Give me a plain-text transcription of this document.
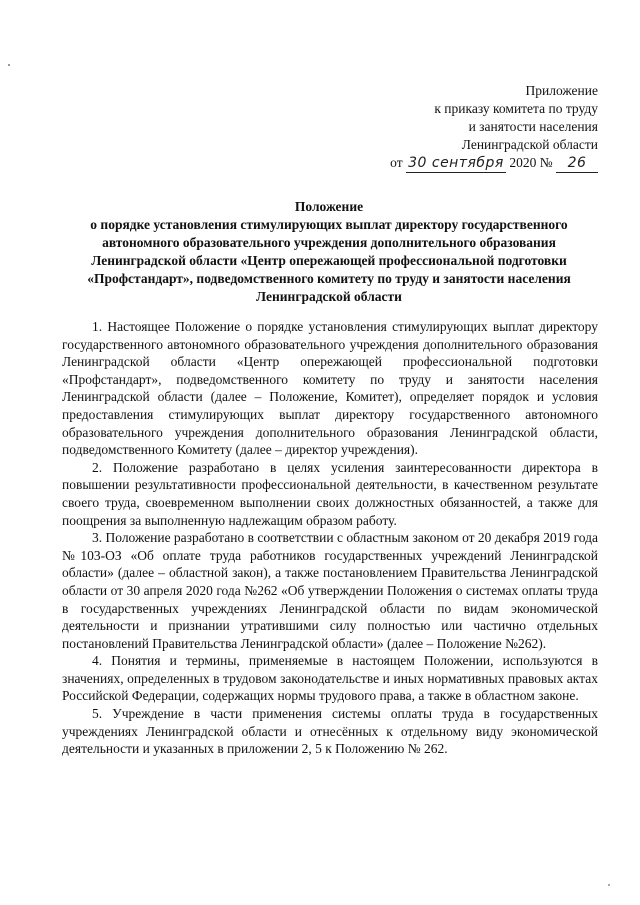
Приложение
к приказу комитета по труду
и занятости населения
Ленинградской области
от 30 сентября 2020 № 26
Положение
о порядке установления стимулирующих выплат директору государственного автономного образовательного учреждения дополнительного образования Ленинградской области «Центр опережающей профессиональной подготовки «Профстандарт», подведомственного комитету по труду и занятости населения Ленинградской области

1. Настоящее Положение о порядке установления стимулирующих выплат директору государственного автономного образовательного учреждения дополнительного образования Ленинградской области «Центр опережающей профессиональной подготовки «Профстандарт», подведомственного комитету по труду и занятости населения Ленинградской области (далее – Положение, Комитет), определяет порядок и условия предоставления стимулирующих выплат директору государственного автономного образовательного учреждения дополнительного образования Ленинградской области, подведомственного Комитету (далее – директор учреждения).

2. Положение разработано в целях усиления заинтересованности директора в повышении результативности профессиональной деятельности, в качественном результате своего труда, своевременном выполнении своих должностных обязанностей, а также для поощрения за выполненную надлежащим образом работу.

3. Положение разработано в соответствии с областным законом от 20 декабря 2019 года №103-ОЗ «Об оплате труда работников государственных учреждений Ленинградской области» (далее – областной закон), а также постановлением Правительства Ленинградской области от 30 апреля 2020 года №262 «Об утверждении Положения о системах оплаты труда в государственных учреждениях Ленинградской области по видам экономической деятельности и признании утратившими силу полностью или частично отдельных постановлений Правительства Ленинградской области» (далее – Положение №262).

4. Понятия и термины, применяемые в настоящем Положении, используются в значениях, определенных в трудовом законодательстве и иных нормативных правовых актах Российской Федерации, содержащих нормы трудового права, а также в областном законе.

5. Учреждение в части применения системы оплаты труда в государственных учреждениях Ленинградской области и отнесённых к отдельному виду экономической деятельности и указанных в приложении 2, 5 к Положению № 262.
